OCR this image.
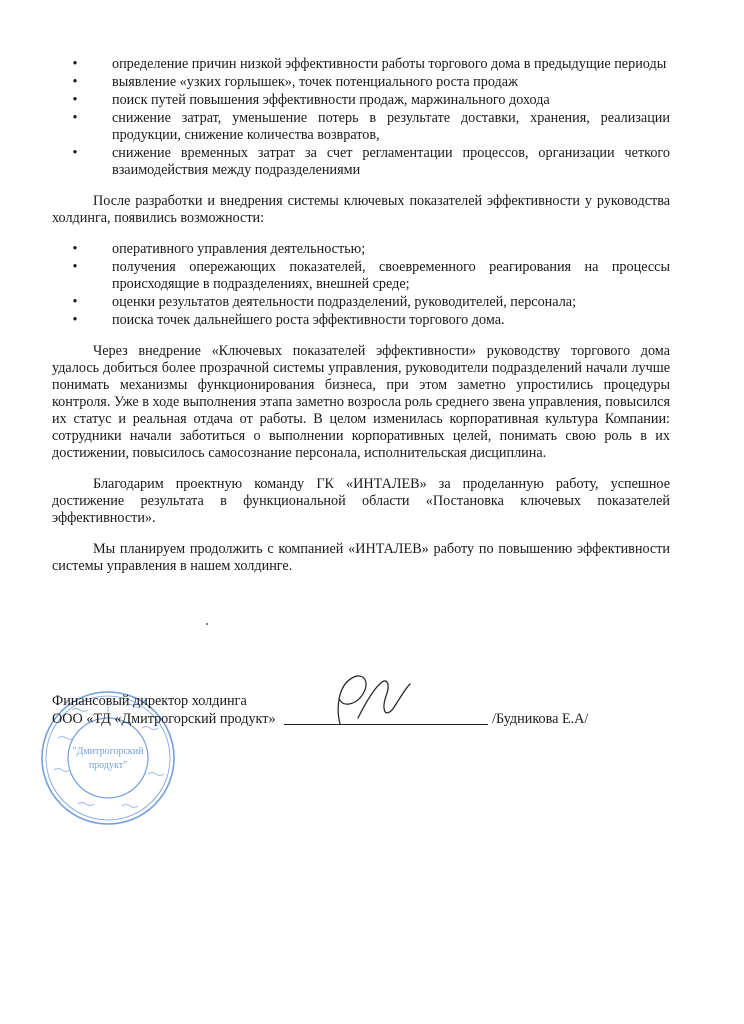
•	определение причин низкой эффективности работы торгового дома в предыдущие периоды
•	выявление «узких горлышек», точек потенциального роста продаж
•	поиск путей повышения эффективности продаж, маржинального дохода
•	снижение затрат, уменьшение потерь в результате доставки, хранения, реализации продукции, снижение количества возвратов,
•	снижение временных затрат за счет регламентации процессов, организации четкого взаимодействия между подразделениями

После разработки и внедрения системы ключевых показателей эффективности у руководства холдинга, появились возможности:

•	оперативного управления деятельностью;
•	получения опережающих показателей, своевременного реагирования на процессы происходящие в подразделениях, внешней среде;
•	оценки результатов деятельности подразделений, руководителей, персонала;
•	поиска точек дальнейшего роста эффективности торгового дома.

Через внедрение «Ключевых показателей эффективности» руководству торгового дома удалось добиться более прозрачной системы управления, руководители подразделений начали лучше понимать механизмы функционирования бизнеса, при этом заметно упростились процедуры контроля. Уже в ходе выполнения этапа заметно возросла роль среднего звена управления, повысился их статус и реальная отдача от работы. В целом изменилась корпоративная культура Компании: сотрудники начали заботиться о выполнении корпоративных целей, понимать свою роль в их достижении, повысилось самосознание персонала, исполнительская дисциплина.

Благодарим проектную команду ГК «ИНТАЛЕВ» за проделанную работу, успешное достижение результата в функциональной области «Постановка ключевых показателей эффективности».

Мы планируем продолжить с компанией «ИНТАЛЕВ» работу по повышению эффективности системы управления в нашем холдинге.

"Дмитрогорский
продукт"
Финансовый директор холдинга
ООО «ТД «Дмитрогорский продукт»	/Будникова Е.А/
